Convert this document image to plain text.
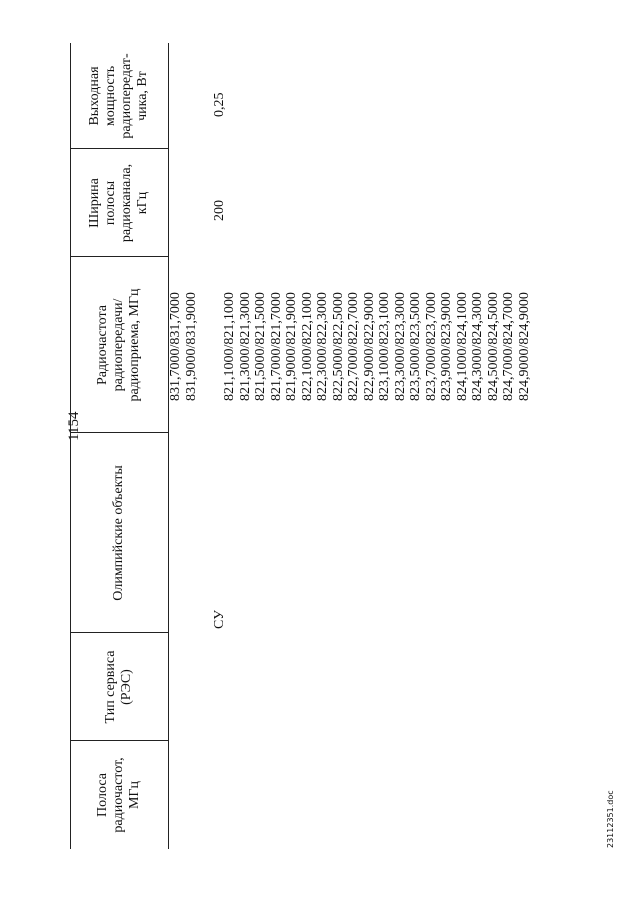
1154
Полоса
радиочастот,
МГц
Тип сервиса
(РЭС)
Олимпийские объекты
Радиочастота
радиопередачи/
радиоприема, МГц
Ширина
полосы
радиоканала,
кГц
Выходная
мощность
радиопередат-
чика, Вт
СУ
200
0,25
831,7000/831,7000 831,9000/831,9000 821,1000/821,1000 821,3000/821,3000 821,5000/821,5000 821,7000/821,7000 821,9000/821,9000 822,1000/822,1000 822,3000/822,3000 822,5000/822,5000 822,7000/822,7000 822,9000/822,9000 823,1000/823,1000 823,3000/823,3000 823,5000/823,5000 823,7000/823,7000 823,9000/823,9000 824,1000/824,1000 824,3000/824,3000 824,5000/824,5000 824,7000/824,7000 824,9000/824,9000
23112351.doc
